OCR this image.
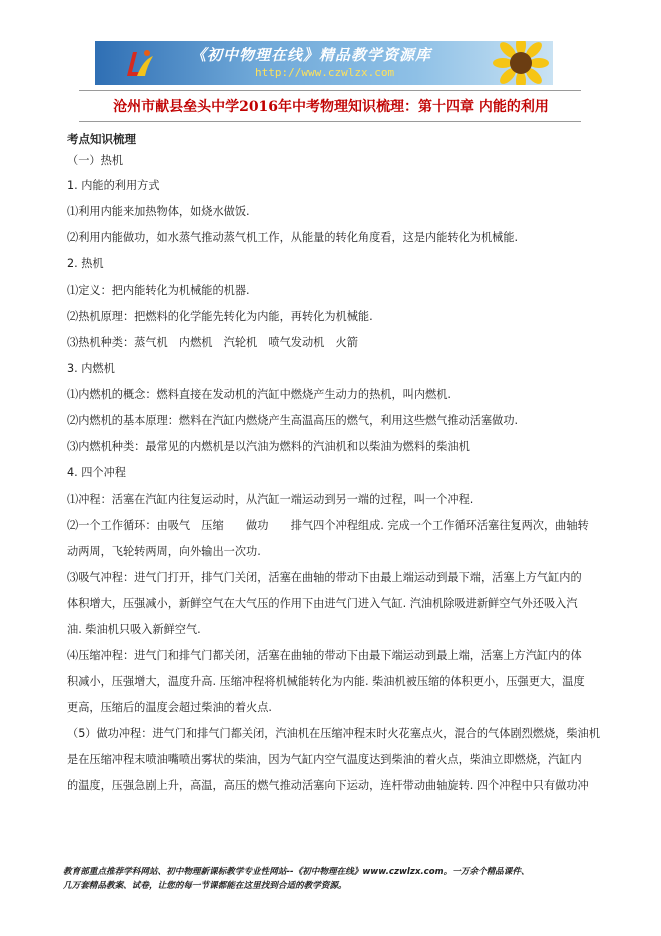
《初中物理在线》精品教学资源库
http://www.czwlzx.com
沧州市献县垒头中学2016年中考物理知识梳理：第十四章 内能的利用
考点知识梳理
（一）热机
1. 内能的利用方式
⑴利用内能来加热物体，如烧水做饭.
⑵利用内能做功，如水蒸气推动蒸气机工作，从能量的转化角度看，这是内能转化为机械能.
2. 热机
⑴定义：把内能转化为机械能的机器.
⑵热机原理：把燃料的化学能先转化为内能，再转化为机械能.
⑶热机种类：蒸气机　内燃机　汽轮机　喷气发动机　火箭
3. 内燃机
⑴内燃机的概念：燃料直接在发动机的汽缸中燃烧产生动力的热机，叫内燃机.
⑵内燃机的基本原理：燃料在汽缸内燃烧产生高温高压的燃气，利用这些燃气推动活塞做功.
⑶内燃机种类：最常见的内燃机是以汽油为燃料的汽油机和以柴油为燃料的柴油机
4. 四个冲程
⑴冲程：活塞在汽缸内往复运动时，从汽缸一端运动到另一端的过程，叫一个冲程.
⑵一个工作循环：由吸气　压缩　　做功　　排气四个冲程组成. 完成一个工作循环活塞往复两次，曲轴转
动两周，飞轮转两周，向外输出一次功.
⑶吸气冲程：进气门打开，排气门关闭，活塞在曲轴的带动下由最上端运动到最下端，活塞上方气缸内的
体积增大，压强减小，新鲜空气在大气压的作用下由进气门进入气缸. 汽油机除吸进新鲜空气外还吸入汽
油. 柴油机只吸入新鲜空气.
⑷压缩冲程：进气门和排气门都关闭，活塞在曲轴的带动下由最下端运动到最上端，活塞上方汽缸内的体
积减小，压强增大，温度升高. 压缩冲程将机械能转化为内能. 柴油机被压缩的体积更小，压强更大，温度
更高，压缩后的温度会超过柴油的着火点.
（5）做功冲程：进气门和排气门都关闭，汽油机在压缩冲程末时火花塞点火，混合的气体剧烈燃烧，柴油机
是在压缩冲程末喷油嘴喷出雾状的柴油，因为气缸内空气温度达到柴油的着火点，柴油立即燃烧，汽缸内
的温度，压强急剧上升，高温，高压的燃气推动活塞向下运动，连杆带动曲轴旋转. 四个冲程中只有做功冲
教育部重点推荐学科网站、初中物理新课标教学专业性网站--《初中物理在线》www.czwlzx.com。一万余个精品课件、
几万套精品教案、试卷，让您的每一节课都能在这里找到合适的教学资源。
